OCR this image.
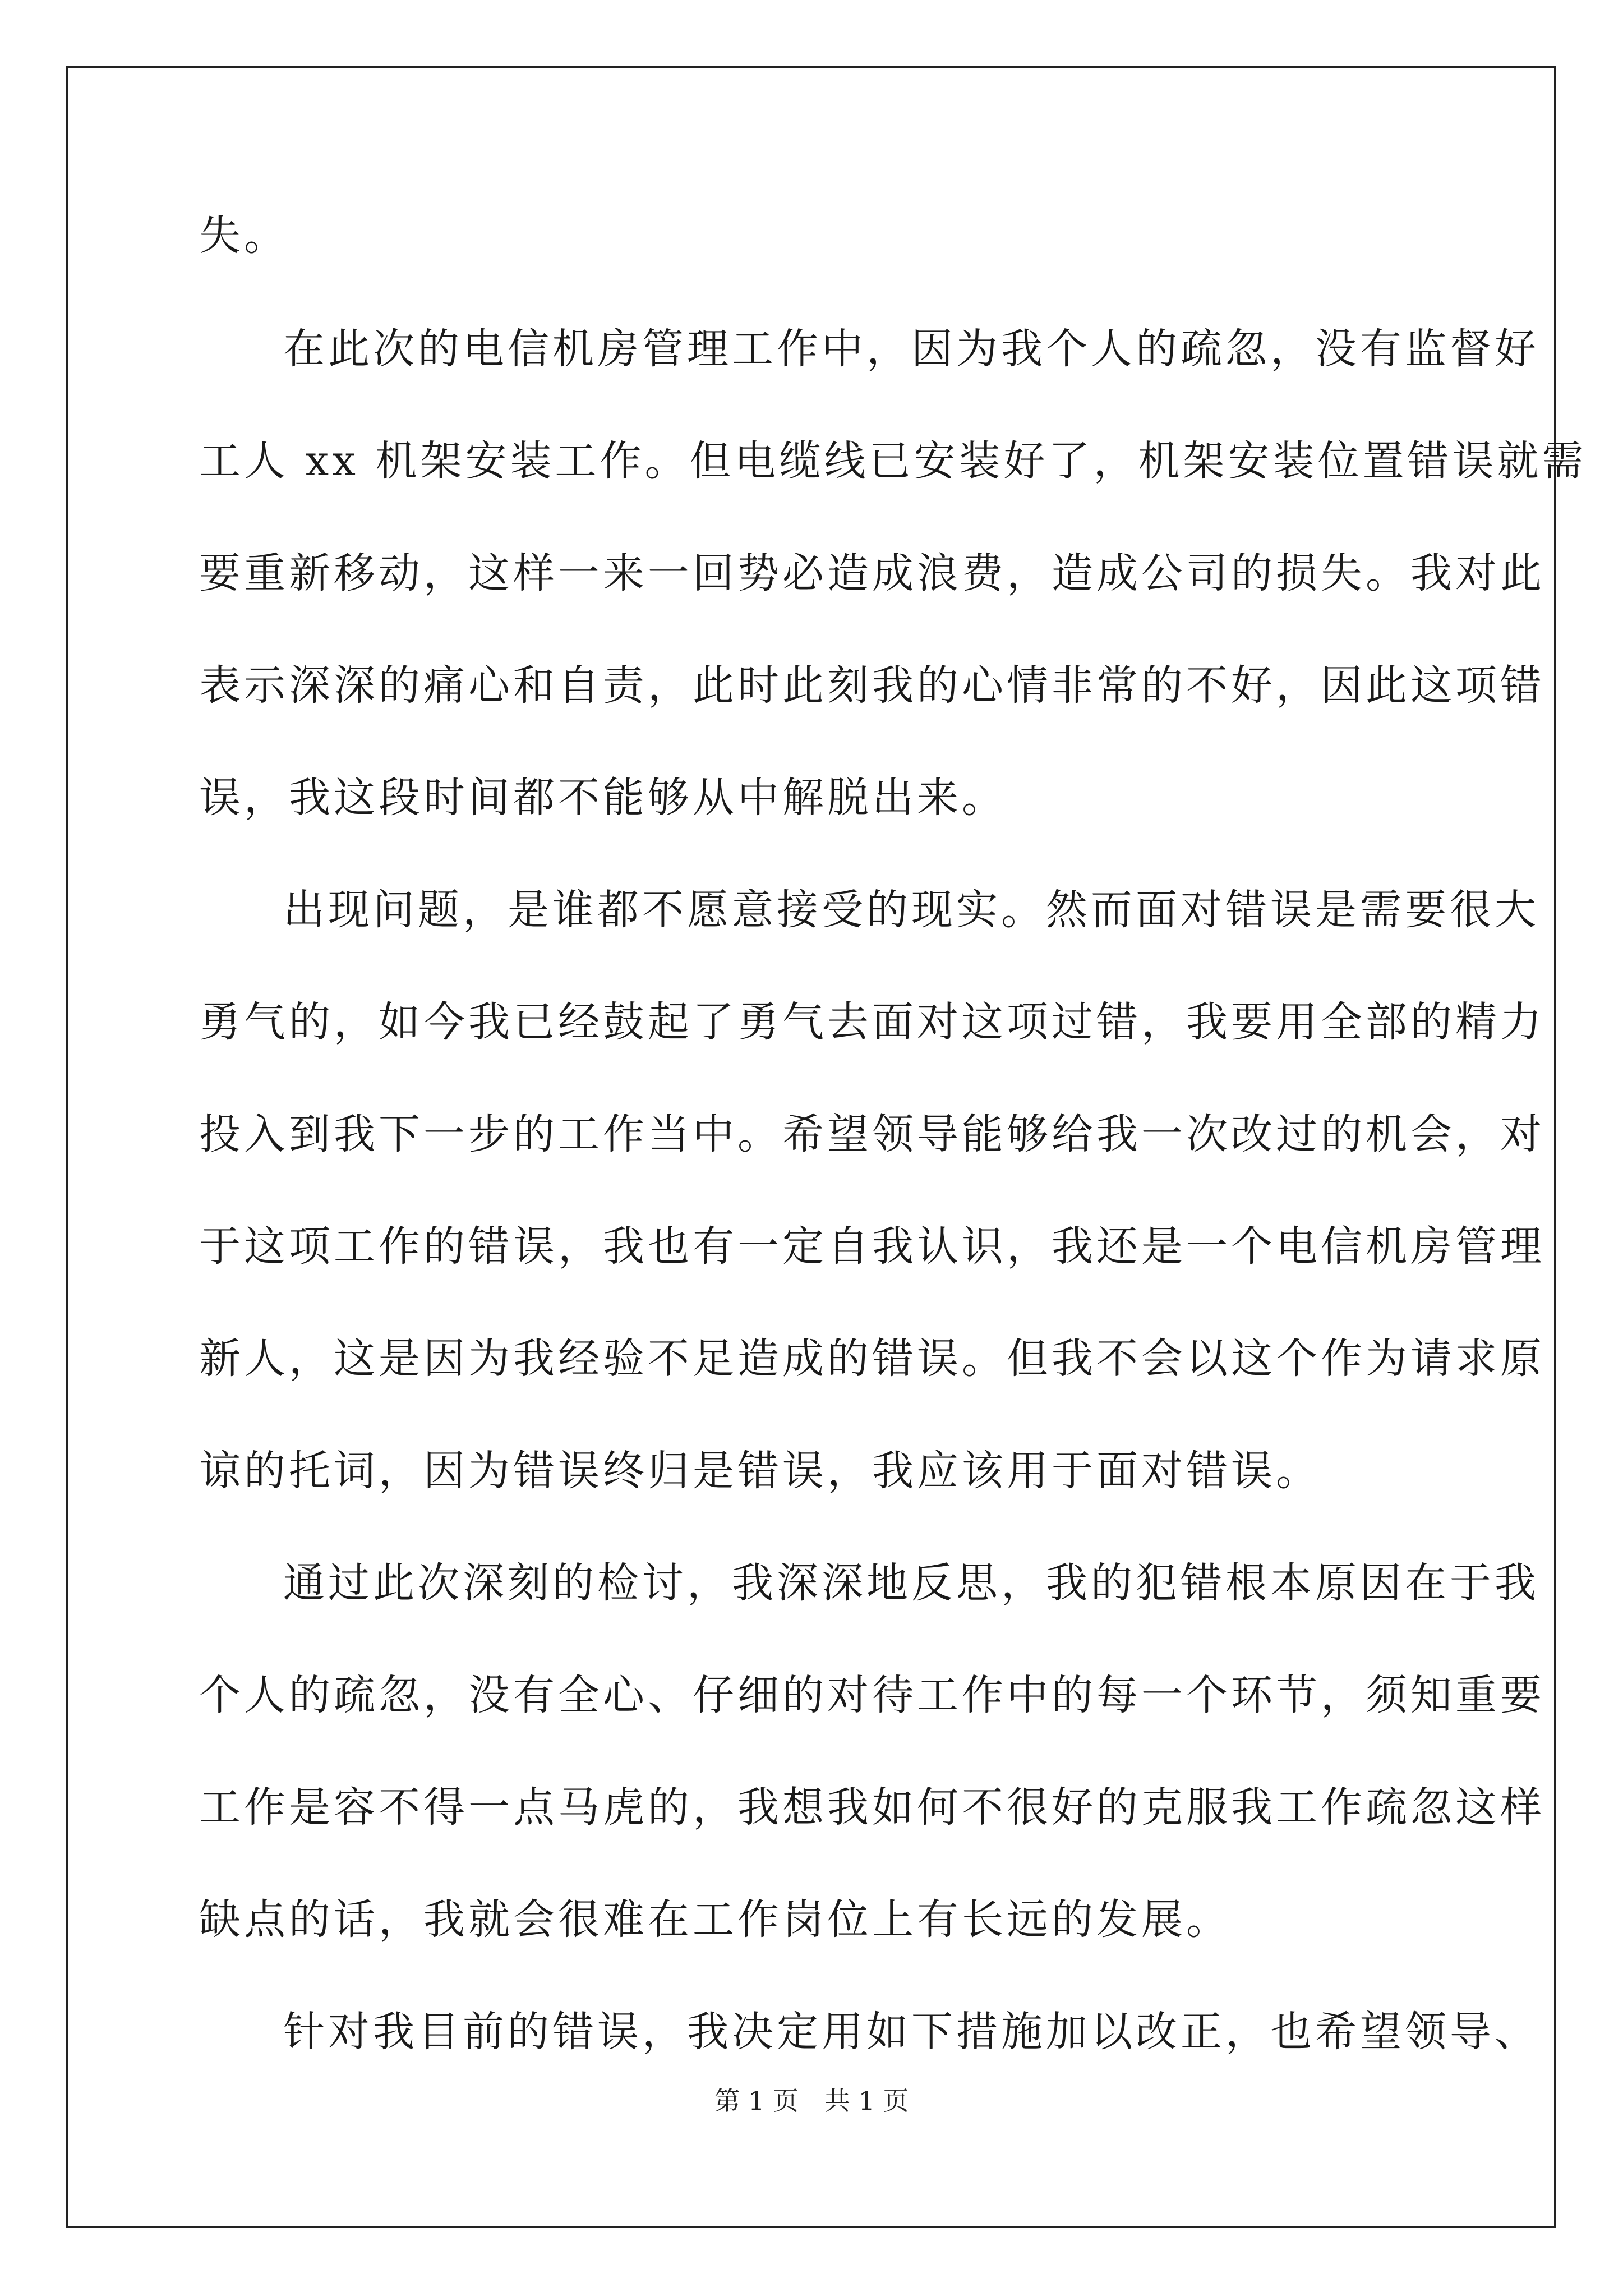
失。
在此次的电信机房管理工作中，因为我个人的疏忽，没有监督好
工人 xx 机架安装工作。但电缆线已安装好了，机架安装位置错误就需
要重新移动，这样一来一回势必造成浪费，造成公司的损失。我对此
表示深深的痛心和自责，此时此刻我的心情非常的不好，因此这项错
误，我这段时间都不能够从中解脱出来。
出现问题，是谁都不愿意接受的现实。然而面对错误是需要很大
勇气的，如今我已经鼓起了勇气去面对这项过错，我要用全部的精力
投入到我下一步的工作当中。希望领导能够给我一次改过的机会，对
于这项工作的错误，我也有一定自我认识，我还是一个电信机房管理
新人，这是因为我经验不足造成的错误。但我不会以这个作为请求原
谅的托词，因为错误终归是错误，我应该用于面对错误。
通过此次深刻的检讨，我深深地反思，我的犯错根本原因在于我
个人的疏忽，没有全心、仔细的对待工作中的每一个环节，须知重要
工作是容不得一点马虎的，我想我如何不很好的克服我工作疏忽这样
缺点的话，我就会很难在工作岗位上有长远的发展。
针对我目前的错误，我决定用如下措施加以改正，也希望领导、
第 1 页　共 1 页
